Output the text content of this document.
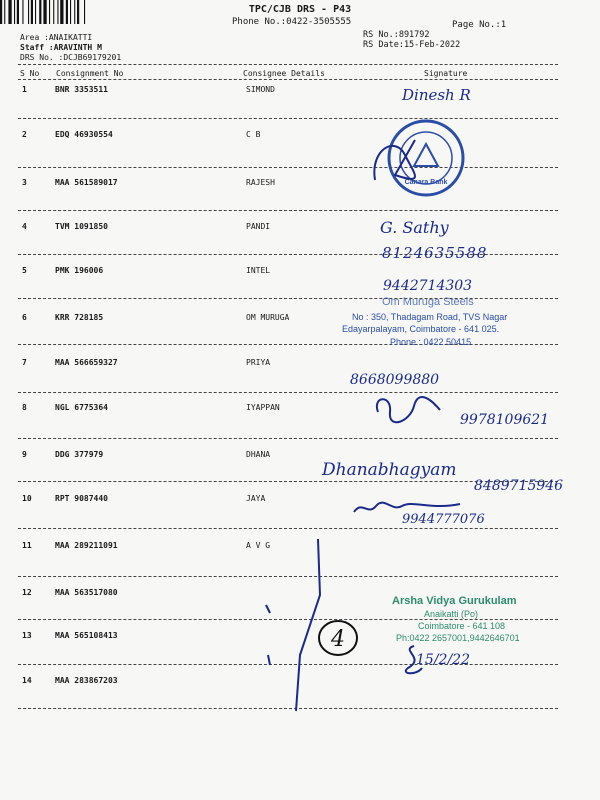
TPC/CJB DRS - P43
Phone No.:0422-3505555	Page No.:1
Area :ANAIKATTI
Staff :ARAVINTH M
DRS No. :DCJB69179201
RS No.:891792
RS Date:15-Feb-2022
S No Consignment No	Consignee Details	Signature
1	BNR 3353511	SIMOND
2	EDQ 46930554	C B
3	MAA 561589017	RAJESH
4	TVM 1091850	PANDI
5	PMK 196006	INTEL
6	KRR 728185	OM MURUGA
7	MAA 566659327	PRIYA
8	NGL 6775364	IYAPPAN
9	DDG 377979	DHANA
10	RPT 9087440	JAYA
11	MAA 289211091	A V G
12	MAA 563517080
13	MAA 565108413
14	MAA 283867203
Canara Bank
Dinesh R
G. Sathy
8124635588
9442714303
8668099880
9978109621
Dhanabhagyam
8489715946
9944777076
4
Om Muruga Steels
No : 350, Thadagam Road, TVS Nagar
Edayarpalayam, Coimbatore - 641 025.
Phone : 0422 50415
Arsha Vidya Gurukulam
Anaikatti (Po)
Coimbatore - 641 108
Ph:0422 2657001,9442646701
15/2/22
